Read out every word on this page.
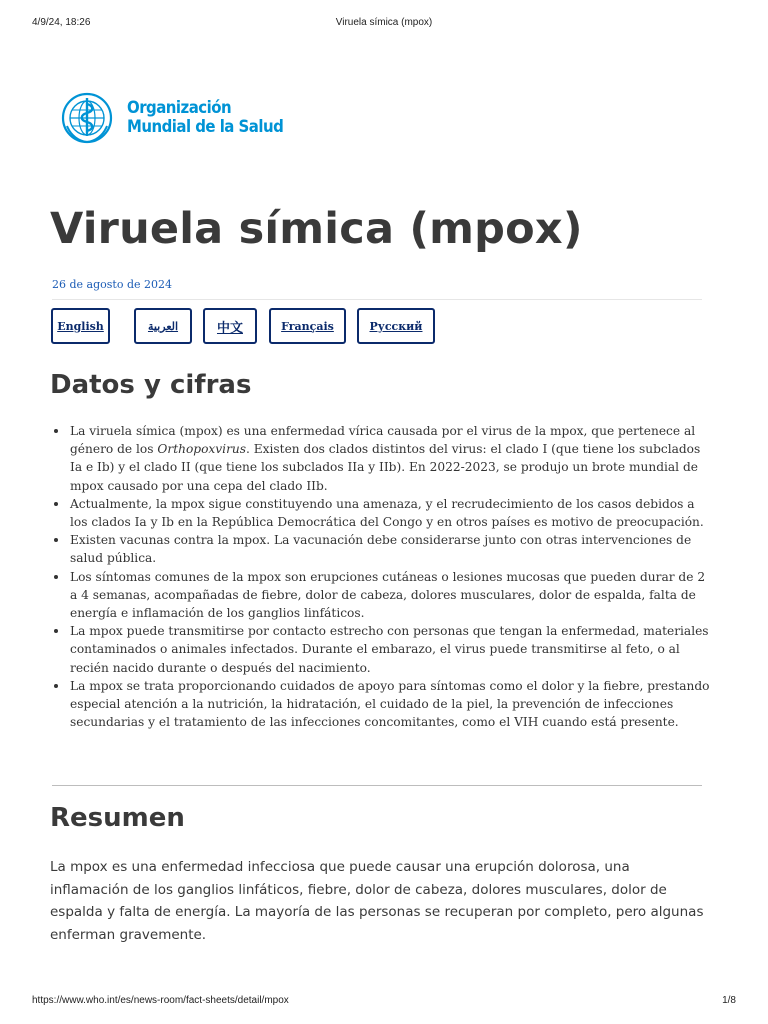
4/9/24, 18:26	Viruela símica (mpox)
Organización
Mundial de la Salud
Viruela símica (mpox)
26 de agosto de 2024
English	العربية	中文	Français	Русский
Datos y cifras
La viruela símica (mpox) es una enfermedad vírica causada por el virus de la mpox, que pertenece al género de los Orthopoxvirus. Existen dos clados distintos del virus: el clado I (que tiene los subclados Ia e Ib) y el clado II (que tiene los subclados IIa y IIb). En 2022-2023, se produjo un brote mundial de mpox causado por una cepa del clado IIb.
Actualmente, la mpox sigue constituyendo una amenaza, y el recrudecimiento de los casos debidos a los clados Ia y Ib en la República Democrática del Congo y en otros países es motivo de preocupación.
Existen vacunas contra la mpox. La vacunación debe considerarse junto con otras intervenciones de salud pública.
Los síntomas comunes de la mpox son erupciones cutáneas o lesiones mucosas que pueden durar de 2 a 4 semanas, acompañadas de fiebre, dolor de cabeza, dolores musculares, dolor de espalda, falta de energía e inflamación de los ganglios linfáticos.
La mpox puede transmitirse por contacto estrecho con personas que tengan la enfermedad, materiales contaminados o animales infectados. Durante el embarazo, el virus puede transmitirse al feto, o al recién nacido durante o después del nacimiento.
La mpox se trata proporcionando cuidados de apoyo para síntomas como el dolor y la fiebre, prestando especial atención a la nutrición, la hidratación, el cuidado de la piel, la prevención de infecciones secundarias y el tratamiento de las infecciones concomitantes, como el VIH cuando está presente.
Resumen

La mpox es una enfermedad infecciosa que puede causar una erupción dolorosa, una inflamación de los ganglios linfáticos, fiebre, dolor de cabeza, dolores musculares, dolor de espalda y falta de energía. La mayoría de las personas se recuperan por completo, pero algunas enferman gravemente.

https://www.who.int/es/news-room/fact-sheets/detail/mpox	1/8
